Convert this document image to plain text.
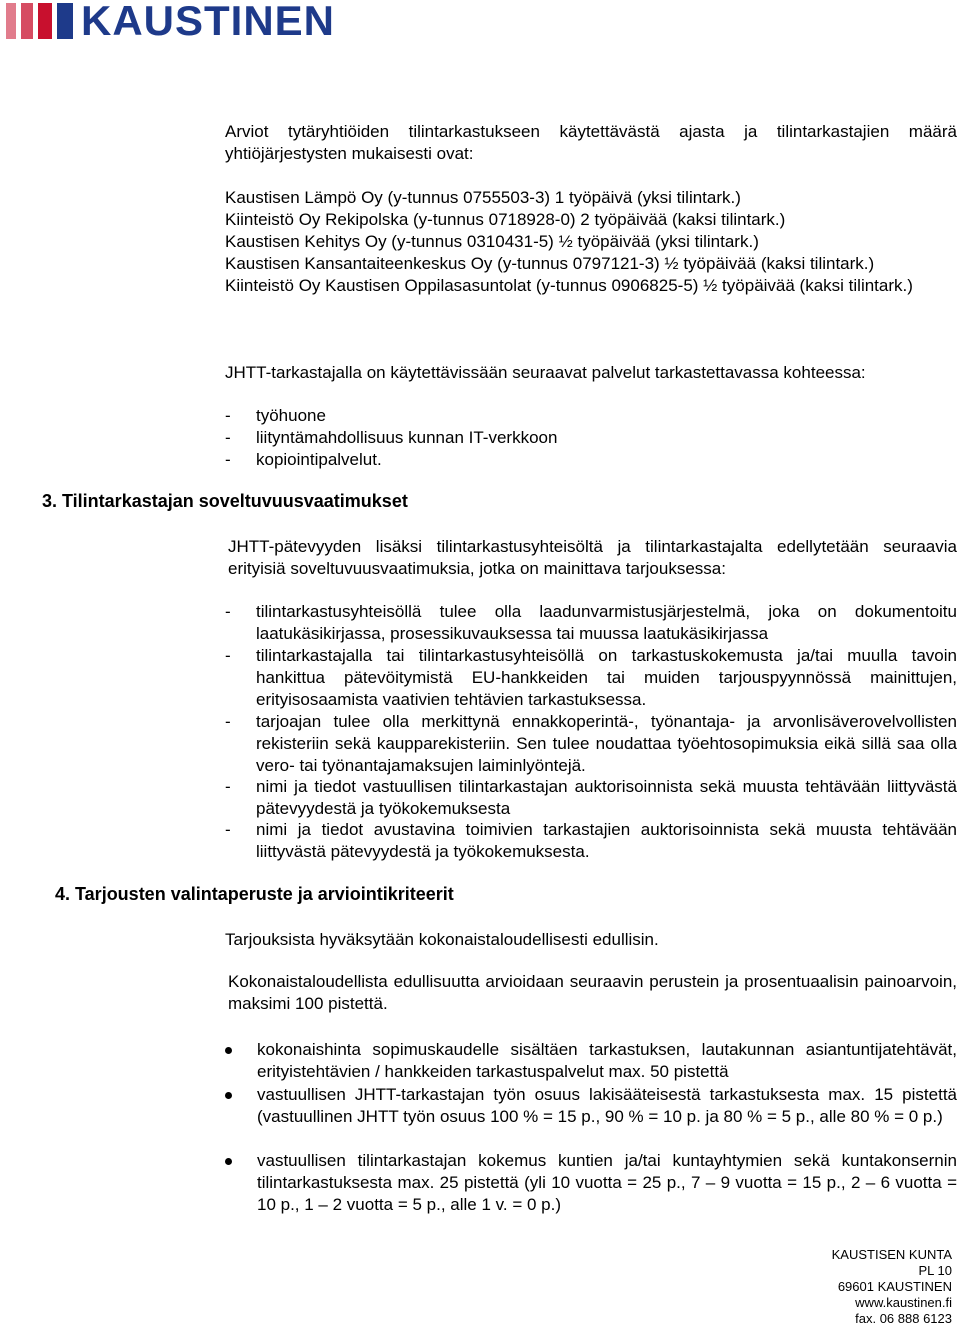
KAUSTINEN

Arviot tytäryhtiöiden tilintarkastukseen käytettävästä ajasta ja tilintarkastajien määrä yhtiöjärjestysten mukaisesti ovat:

Kaustisen Lämpö Oy (y-tunnus 0755503-3) 1 työpäivä (yksi tilintark.)

Kiinteistö Oy Rekipolska (y-tunnus 0718928-0) 2 työpäivää (kaksi tilintark.)

Kaustisen Kehitys Oy (y-tunnus 0310431-5) ½ työpäivää (yksi tilintark.)

Kaustisen Kansantaiteenkeskus Oy (y-tunnus 0797121-3) ½ työpäivää (kaksi tilintark.)

Kiinteistö Oy Kaustisen Oppilasasuntolat (y-tunnus 0906825-5) ½ työpäivää (kaksi tilintark.)

JHTT-tarkastajalla on käytettävissään seuraavat palvelut tarkastettavassa kohteessa:

- työhuone
- liityntämahdollisuus kunnan IT-verkkoon
- kopiointipalvelut.
3. Tilintarkastajan soveltuvuusvaatimukset

JHTT-pätevyyden lisäksi tilintarkastusyhteisöltä ja tilintarkastajalta edellytetään seuraavia erityisiä soveltuvuusvaatimuksia, jotka on mainittava tarjouksessa:

- tilintarkastusyhteisöllä tulee olla laadunvarmistusjärjestelmä, joka on dokumentoitu laatukäsikirjassa, prosessikuvauksessa tai muussa laatukäsikirjassa
- tilintarkastajalla tai tilintarkastusyhteisöllä on tarkastuskokemusta ja/tai muulla tavoin hankittua pätevöitymistä EU-hankkeiden tai muiden tarjouspyynnössä mainittujen, erityisosaamista vaativien tehtävien tarkastuksessa.
- tarjoajan tulee olla merkittynä ennakkoperintä-, työnantaja- ja arvonlisäverovelvollisten rekisteriin sekä kaupparekisteriin. Sen tulee noudattaa työehtosopimuksia eikä sillä saa olla vero- tai työnantajamaksujen laiminlyöntejä.
- nimi ja tiedot vastuullisen tilintarkastajan auktorisoinnista sekä muusta tehtävään liittyvästä pätevyydestä ja työkokemuksesta
- nimi ja tiedot avustavina toimivien tarkastajien auktorisoinnista sekä muusta tehtävään liittyvästä pätevyydestä ja työkokemuksesta.
4. Tarjousten valintaperuste ja arviointikriteerit

Tarjouksista hyväksytään kokonaistaloudellisesti edullisin.

Kokonaistaloudellista edullisuutta arvioidaan seuraavin perustein ja prosentuaalisin painoarvoin, maksimi 100 pistettä.

kokonaishinta sopimuskaudelle sisältäen tarkastuksen, lautakunnan asiantuntijatehtävät, erityistehtävien / hankkeiden tarkastuspalvelut max. 50 pistettä
vastuullisen JHTT-tarkastajan työn osuus lakisääteisestä tarkastuksesta max. 15 pistettä (vastuullinen JHTT työn osuus 100 % = 15 p., 90 % = 10 p. ja 80 % = 5 p., alle 80 % = 0 p.)
vastuullisen tilintarkastajan kokemus kuntien ja/tai kuntayhtymien sekä kuntakonsernin tilintarkastuksesta max. 25 pistettä (yli 10 vuotta = 25 p., 7 – 9 vuotta = 15 p., 2 – 6 vuotta = 10 p., 1 – 2 vuotta = 5 p., alle 1 v. = 0 p.)
KAUSTISEN KUNTA
PL 10
69601 KAUSTINEN
www.kaustinen.fi
fax. 06 888 6123
